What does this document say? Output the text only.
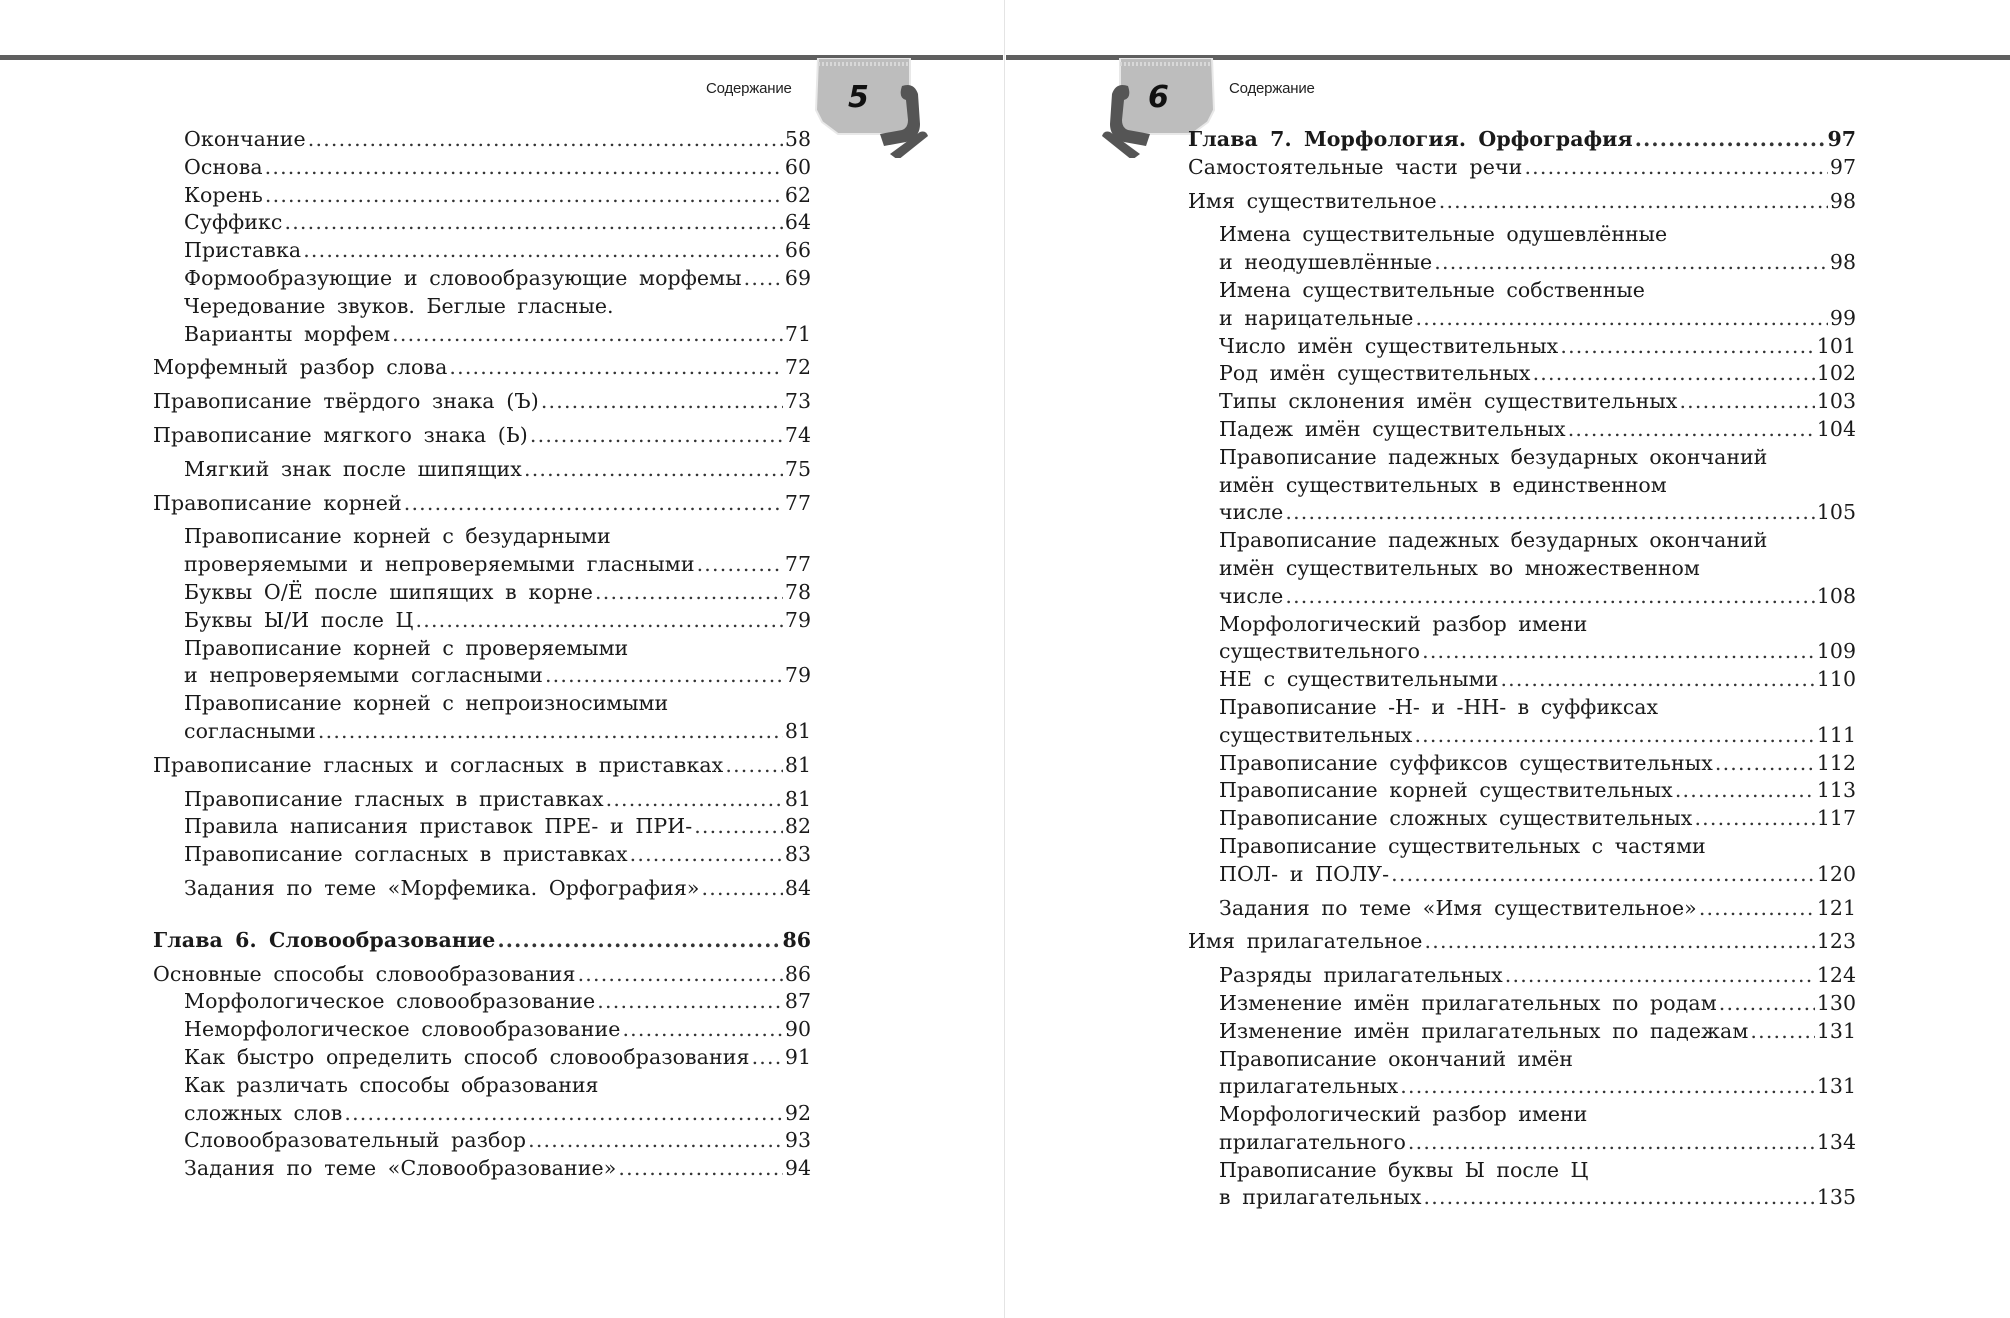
Содержание 5
Окончание .....	58
Основа .....	60
Корень .....	62
Суффикс .....	64
Приставка .....	66
Формообразующие и словообразующие морфемы ..... 69
Чередование звуков. Беглые гласные.
Варианты морфем .....	71
Морфемный разбор слова .....	72
Правописание твёрдого знака (Ъ) .....	73
Правописание мягкого знака (Ь) .....	74
Мягкий знак после шипящих .....	75
Правописание корней .....	77
Правописание корней с безударными
проверяемыми и непроверяемыми гласными .....	77
Буквы О/Ё после шипящих в корне .....	78
Буквы Ы/И после Ц .....	79
Правописание корней с проверяемыми
и непроверяемыми согласными .....	79
Правописание корней с непроизносимыми
согласными .....	81
Правописание гласных и согласных в приставках .....	81
Правописание гласных в приставках .....	81
Правила написания приставок ПРЕ- и ПРИ- .....	82
Правописание согласных в приставках .....	83
Задания по теме «Морфемика. Орфография» .....	84
Глава 6. Словообразование .....	86
Основные способы словообразования .....	86
Морфологическое словообразование .....	87
Неморфологическое словообразование .....	90
Как быстро определить способ словообразования ..... 91
Как различать способы образования
сложных слов .....	92
Словообразовательный разбор .....	93
Задания по теме «Словообразование» .....	94
Содержание
6
Глава 7. Морфология. Орфография .....	97
Самостоятельные части речи .....	97
Имя существительное .....	98
Имена существительные одушевлённые
и неодушевлённые .....	98
Имена существительные собственные
и нарицательные .....	99
Число имён существительных .....	101
Род имён существительных .....	102
Типы склонения имён существительных .....	103
Падеж имён существительных .....	104
Правописание падежных безударных окончаний
имён существительных в единственном
числе .....	105
Правописание падежных безударных окончаний
имён существительных во множественном
числе .....	108
Морфологический разбор имени
существительного .....	109
НЕ с существительными .....	110
Правописание -Н- и -НН- в суффиксах
существительных .....	111
Правописание суффиксов существительных .....	112
Правописание корней существительных .....	113
Правописание сложных существительных .....	117
Правописание существительных с частями
ПОЛ- и ПОЛУ- .....	120
Задания по теме «Имя существительное» .....	121
Имя прилагательное .....	123
Разряды прилагательных .....	124
Изменение имён прилагательных по родам .....	130
Изменение имён прилагательных по падежам .....	131
Правописание окончаний имён
прилагательных .....	131
Морфологический разбор имени
прилагательного .....	134
Правописание буквы Ы после Ц
в прилагательных .....	135
